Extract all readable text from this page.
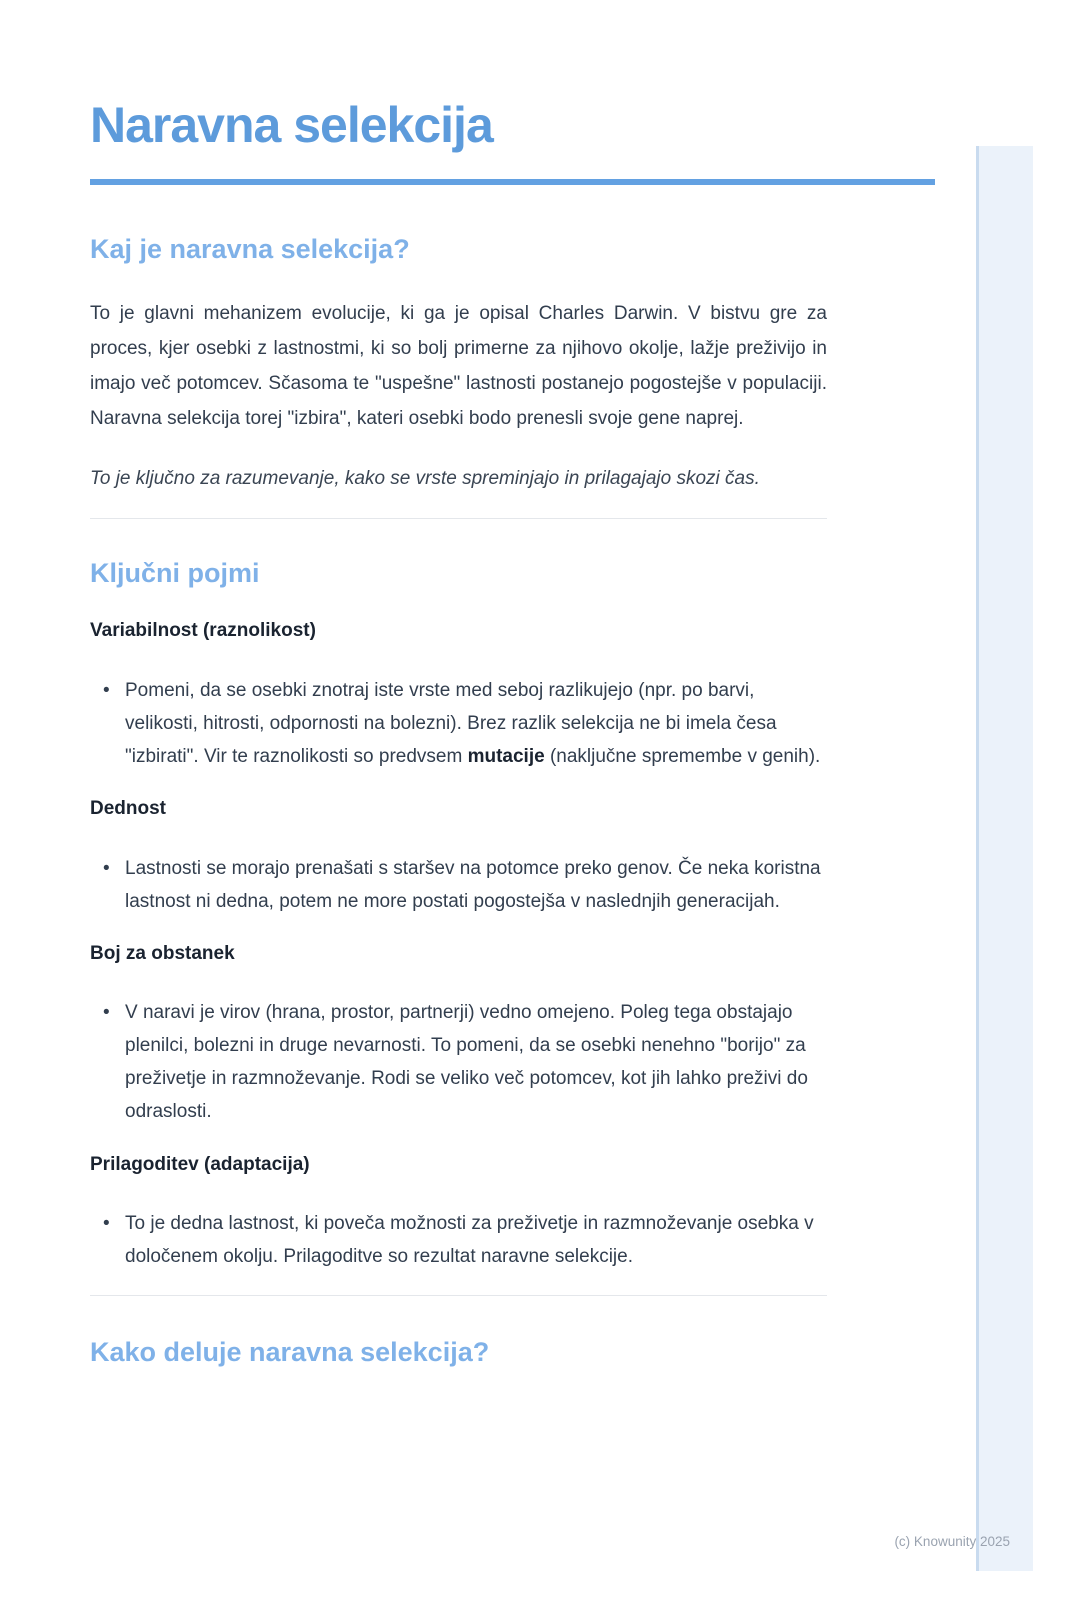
Naravna selekcija
Kaj je naravna selekcija?

To je glavni mehanizem evolucije, ki ga je opisal Charles Darwin. V bistvu gre za proces, kjer osebki z lastnostmi, ki so bolj primerne za njihovo okolje, lažje preživijo in imajo več potomcev. Sčasoma te "uspešne" lastnosti postanejo pogostejše v populaciji. Naravna selekcija torej "izbira", kateri osebki bodo prenesli svoje gene naprej.

To je ključno za razumevanje, kako se vrste spreminjajo in prilagajajo skozi čas.

Ključni pojmi
Variabilnost (raznolikost)
• Pomeni, da se osebki znotraj iste vrste med seboj razlikujejo (npr. po barvi, velikosti, hitrosti, odpornosti na bolezni). Brez razlik selekcija ne bi imela česa "izbirati". Vir te raznolikosti so predvsem mutacije (naključne spremembe v genih).
Dednost
• Lastnosti se morajo prenašati s staršev na potomce preko genov. Če neka koristna lastnost ni dedna, potem ne more postati pogostejša v naslednjih generacijah.
Boj za obstanek
• V naravi je virov (hrana, prostor, partnerji) vedno omejeno. Poleg tega obstajajo plenilci, bolezni in druge nevarnosti. To pomeni, da se osebki nenehno "borijo" za preživetje in razmnoževanje. Rodi se veliko več potomcev, kot jih lahko preživi do odraslosti.
Prilagoditev (adaptacija)
• To je dedna lastnost, ki poveča možnosti za preživetje in razmnoževanje osebka v določenem okolju. Prilagoditve so rezultat naravne selekcije.
Kako deluje naravna selekcija?
(c) Knowunity 2025
